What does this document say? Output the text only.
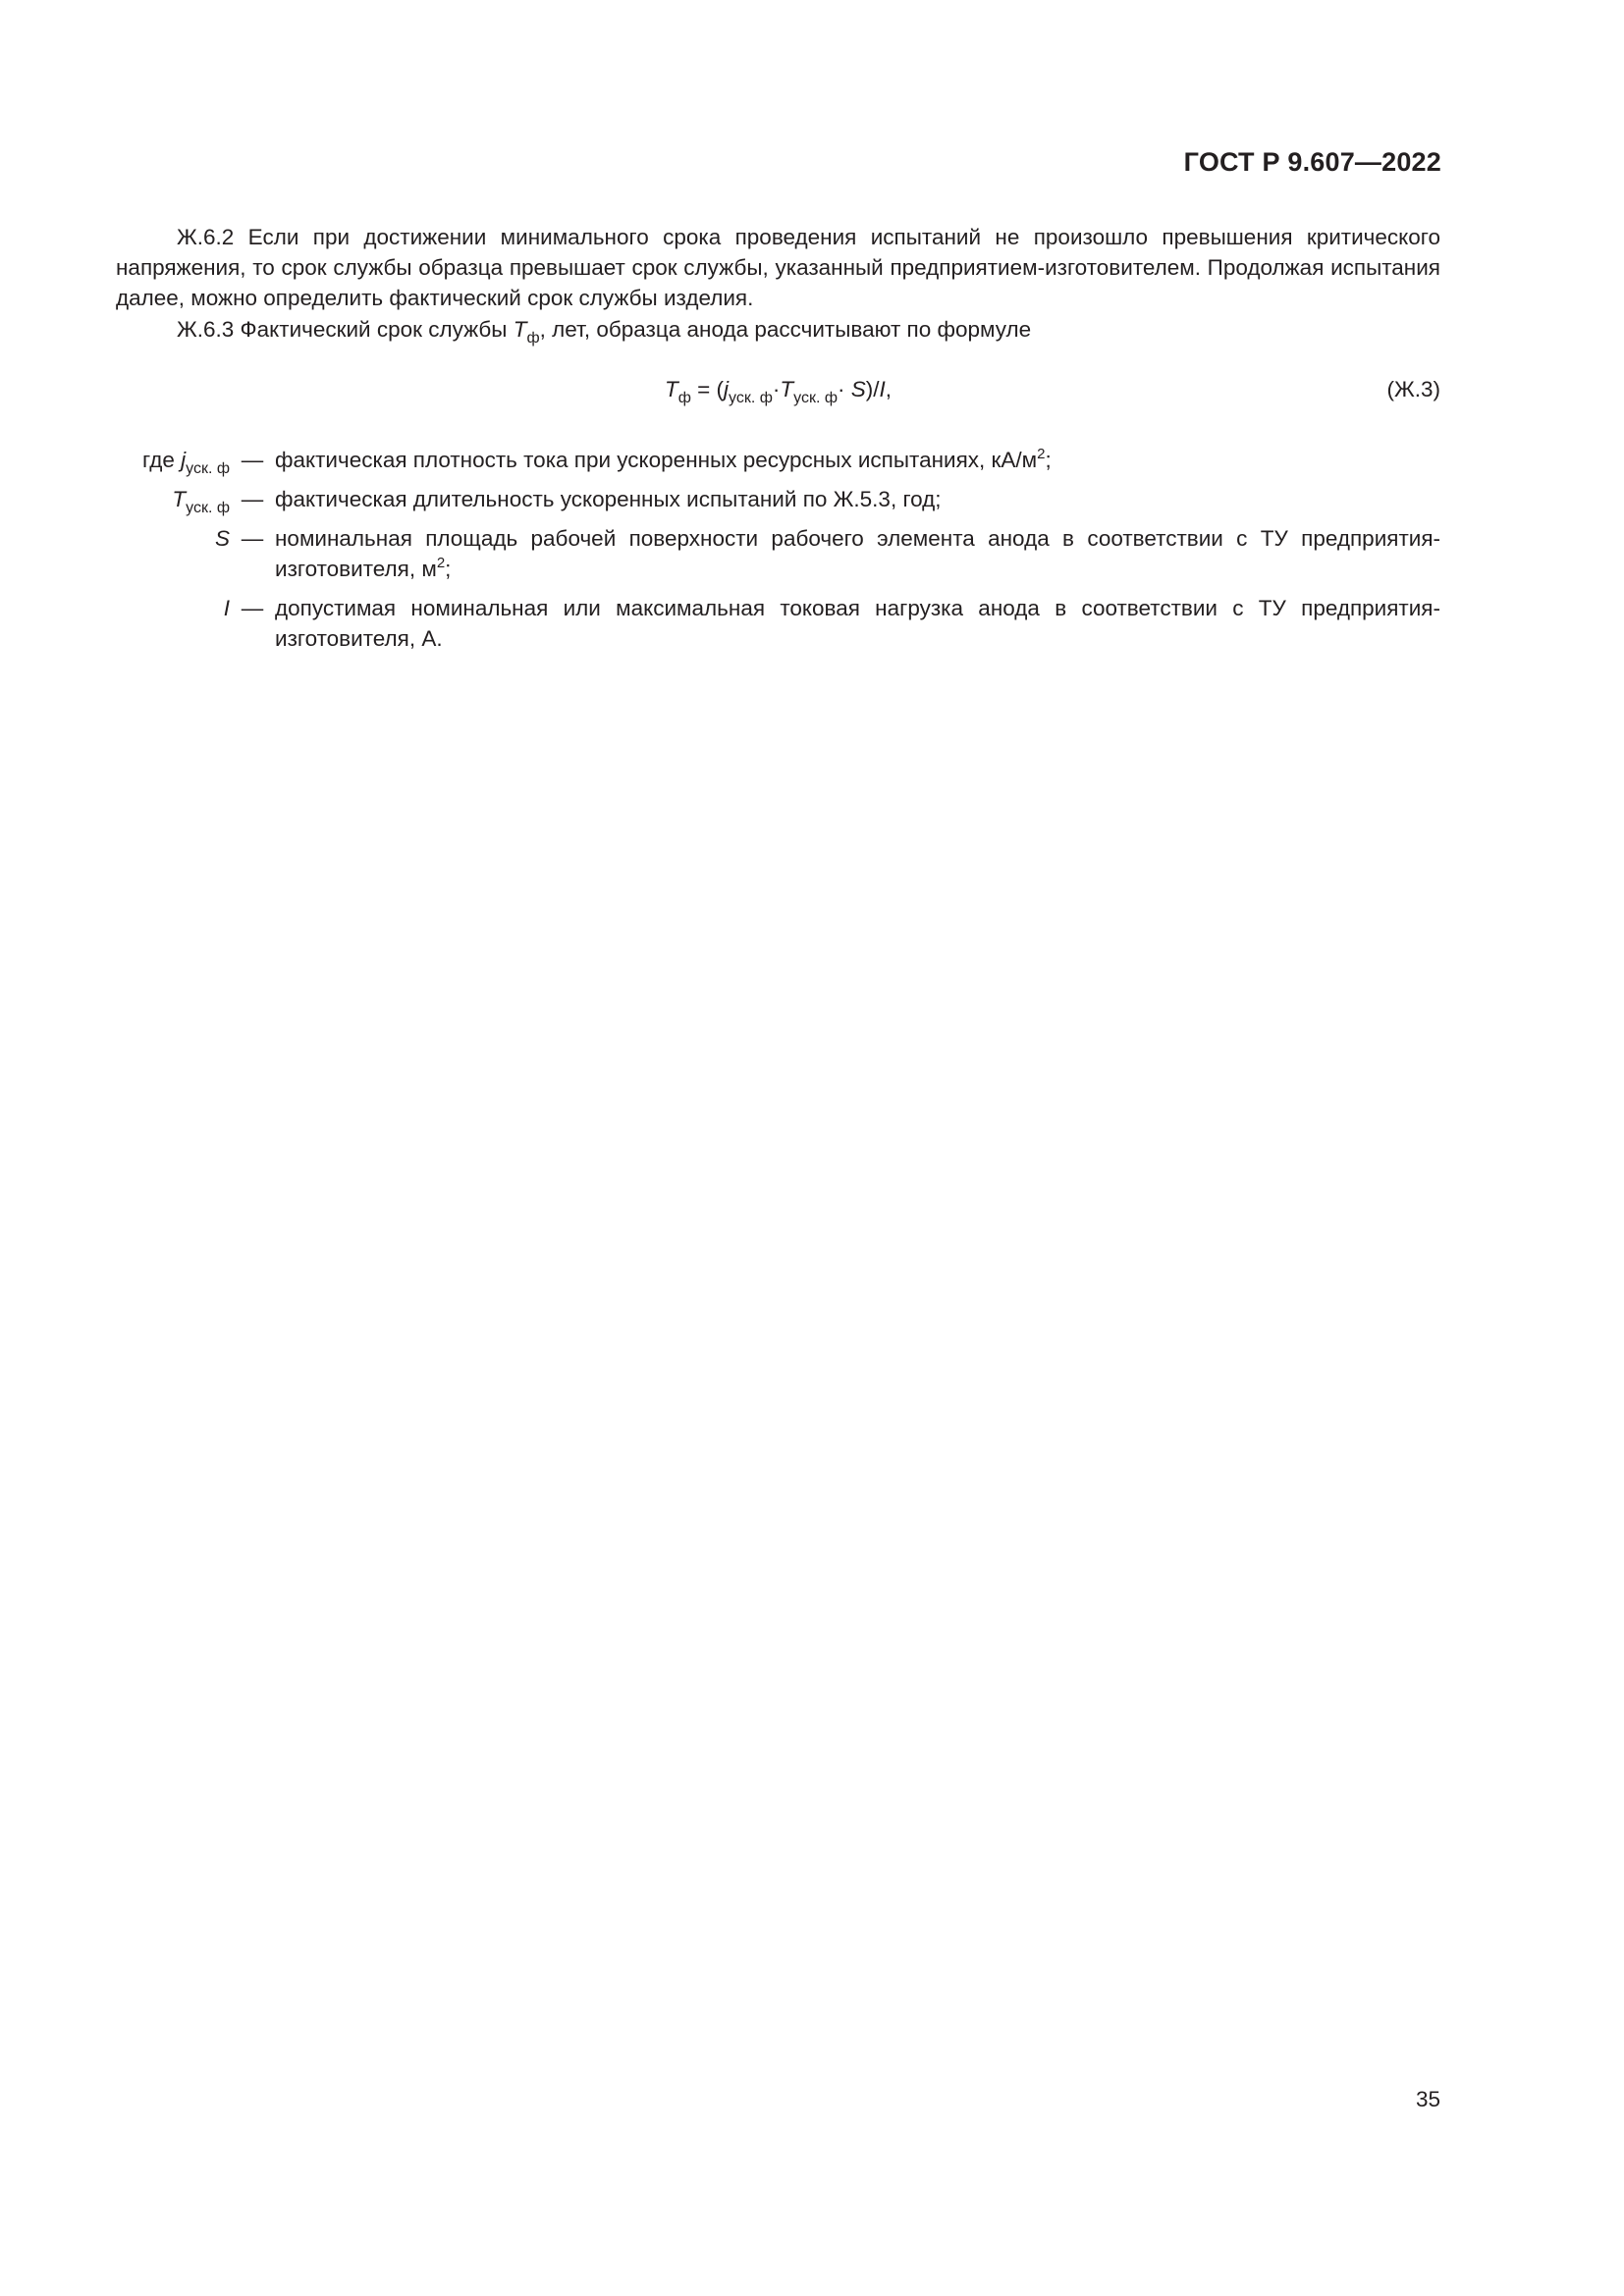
ГОСТ Р 9.607—2022

Ж.6.2 Если при достижении минимального срока проведения испытаний не произошло превышения критического напряжения, то срок службы образца превышает срок службы, указанный предприятием-изготовителем. Продолжая испытания далее, можно определить фактический срок службы изделия.

Ж.6.3 Фактический срок службы $T_ф$, лет, образца анода рассчитывают по формуле

$T_ф = (j_{уск. ф}\cdot T_{уск. ф}\cdot S)/I$,	(Ж.3)
где $j_{уск. ф}$ — фактическая плотность тока при ускоренных ресурсных испытаниях, $кА/м^2$;
$T_{уск. ф}$ — фактическая длительность ускоренных испытаний по Ж.5.3, год;
S — номинальная площадь рабочей поверхности рабочего элемента анода в соответствии с ТУ предприятия-изготовителя, $м^2$;
I — допустимая номинальная или максимальная токовая нагрузка анода в соответствии с ТУ предприятия-изготовителя, А.
35
